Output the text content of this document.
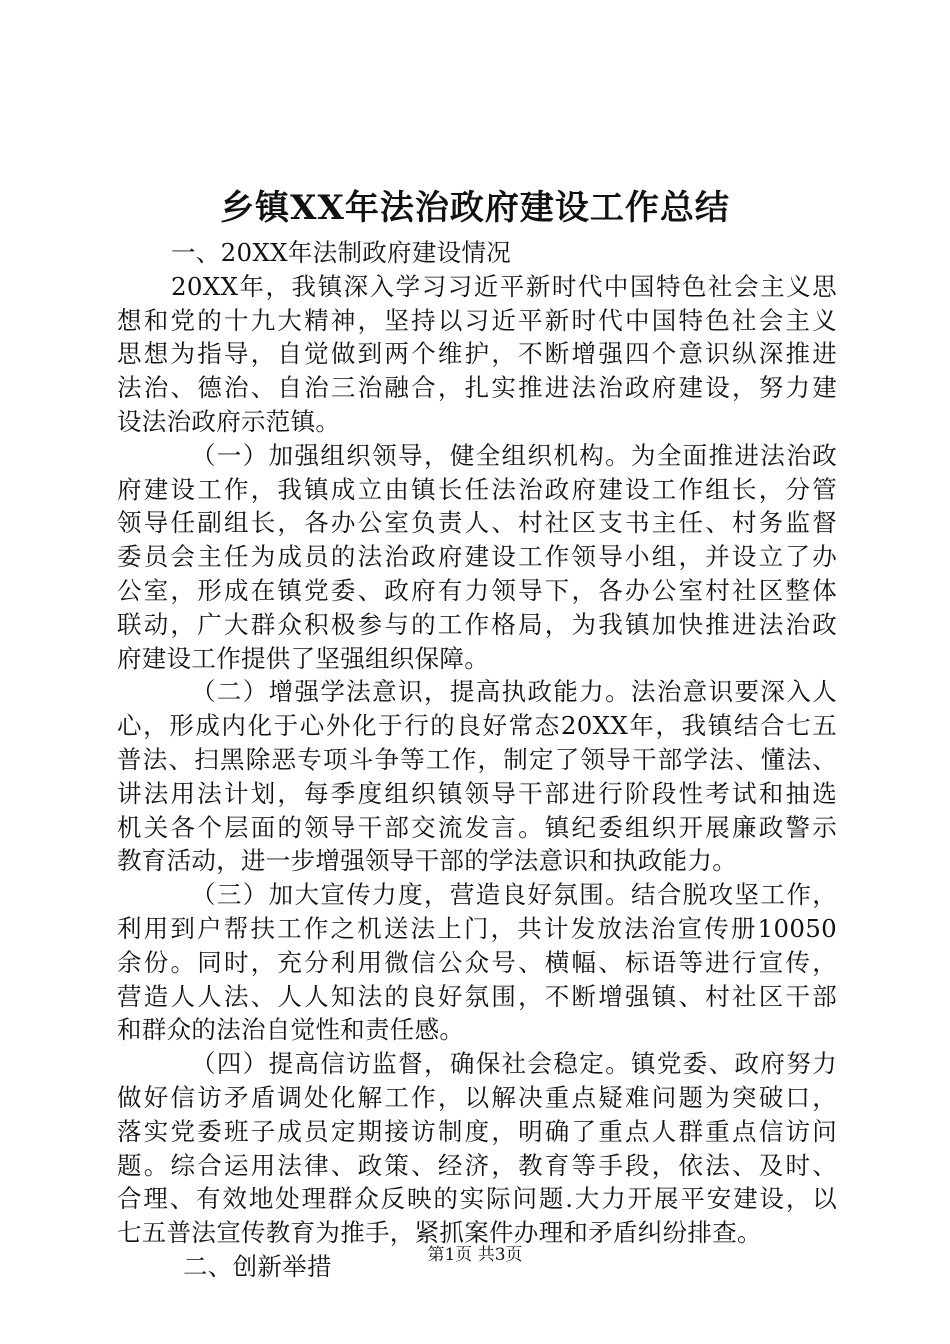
乡镇XX年法治政府建设工作总结
一、20XX年法制政府建设情况
20XX年，我镇深入学习习近平新时代中国特色社会主义思
想和党的十九大精神，坚持以习近平新时代中国特色社会主义
思想为指导，自觉做到两个维护，不断增强四个意识纵深推进
法治、德治、自治三治融合，扎实推进法治政府建设，努力建
设法治政府示范镇。
（一）加强组织领导，健全组织机构。为全面推进法治政
府建设工作，我镇成立由镇长任法治政府建设工作组长，分管
领导任副组长，各办公室负责人、村社区支书主任、村务监督
委员会主任为成员的法治政府建设工作领导小组，并设立了办
公室，形成在镇党委、政府有力领导下，各办公室村社区整体
联动，广大群众积极参与的工作格局，为我镇加快推进法治政
府建设工作提供了坚强组织保障。
（二）增强学法意识，提高执政能力。法治意识要深入人
心，形成内化于心外化于行的良好常态20XX年，我镇结合七五
普法、扫黑除恶专项斗争等工作，制定了领导干部学法、懂法、
讲法用法计划，每季度组织镇领导干部进行阶段性考试和抽选
机关各个层面的领导干部交流发言。镇纪委组织开展廉政警示
教育活动，进一步增强领导干部的学法意识和执政能力。
（三）加大宣传力度，营造良好氛围。结合脱攻坚工作，
利用到户帮扶工作之机送法上门，共计发放法治宣传册10050
余份。同时，充分利用微信公众号、横幅、标语等进行宣传，
营造人人法、人人知法的良好氛围，不断增强镇、村社区干部
和群众的法治自觉性和责任感。
（四）提高信访监督，确保社会稳定。镇党委、政府努力
做好信访矛盾调处化解工作，以解决重点疑难问题为突破口，
落实党委班子成员定期接访制度，明确了重点人群重点信访问
题。综合运用法律、政策、经济，教育等手段，依法、及时、
合理、有效地处理群众反映的实际问题.大力开展平安建设，以
七五普法宣传教育为推手，紧抓案件办理和矛盾纠纷排查。
二、创新举措	第1页 共3页
